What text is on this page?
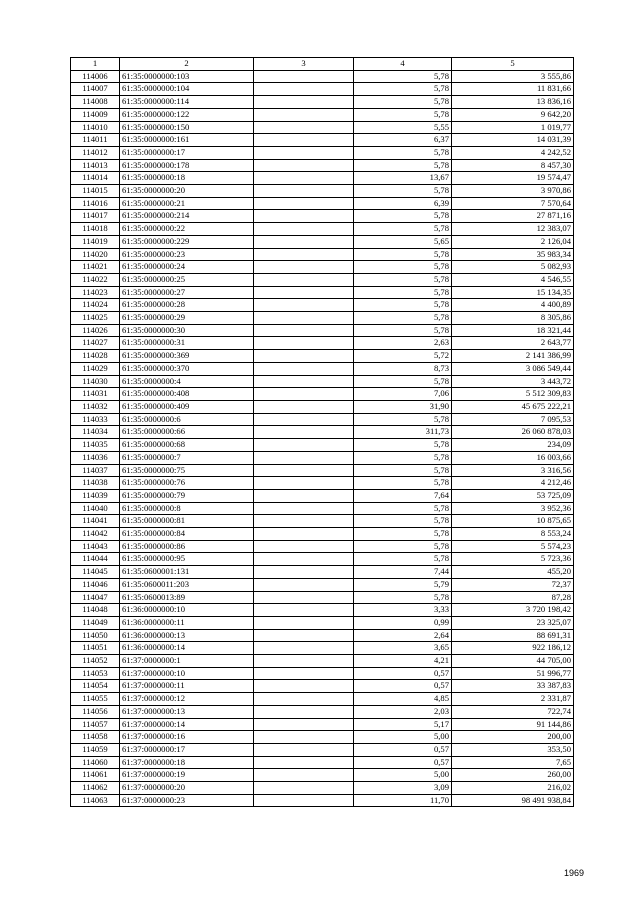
1	2	3	4	5
114006	61:35:0000000:103		5,78	3 555,86
114007	61:35:0000000:104		5,78	11 831,66
114008	61:35:0000000:114		5,78	13 836,16
114009	61:35:0000000:122		5,78	9 642,20
114010	61:35:0000000:150		5,55	1 019,77
114011	61:35:0000000:161		6,37	14 031,39
114012	61:35:0000000:17		5,78	4 242,52
114013	61:35:0000000:178		5,78	8 457,30
114014	61:35:0000000:18		13,67	19 574,47
114015	61:35:0000000:20		5,78	3 970,86
114016	61:35:0000000:21		6,39	7 570,64
114017	61:35:0000000:214		5,78	27 871,16
114018	61:35:0000000:22		5,78	12 383,07
114019	61:35:0000000:229		5,65	2 126,04
114020	61:35:0000000:23		5,78	35 983,34
114021	61:35:0000000:24		5,78	5 082,93
114022	61:35:0000000:25		5,78	4 546,55
114023	61:35:0000000:27		5,78	15 134,35
114024	61:35:0000000:28		5,78	4 400,89
114025	61:35:0000000:29		5,78	8 305,86
114026	61:35:0000000:30		5,78	18 321,44
114027	61:35:0000000:31		2,63	2 643,77
114028	61:35:0000000:369		5,72	2 141 386,99
114029	61:35:0000000:370		8,73	3 086 549,44
114030	61:35:0000000:4		5,78	3 443,72
114031	61:35:0000000:408		7,06	5 512 309,83
114032	61:35:0000000:409		31,90	45 675 222,21
114033	61:35:0000000:6		5,78	7 095,53
114034	61:35:0000000:66		311,73	26 060 878,03
114035	61:35:0000000:68		5,78	234,09
114036	61:35:0000000:7		5,78	16 003,66
114037	61:35:0000000:75		5,78	3 316,56
114038	61:35:0000000:76		5,78	4 212,46
114039	61:35:0000000:79		7,64	53 725,09
114040	61:35:0000000:8		5,78	3 952,36
114041	61:35:0000000:81		5,78	10 875,65
114042	61:35:0000000:84		5,78	8 553,24
114043	61:35:0000000:86		5,78	5 574,23
114044	61:35:0000000:95		5,78	5 723,36
114045	61:35:0600001:131		7,44	455,20
114046	61:35:0600011:203		5,79	72,37
114047	61:35:0600013:89		5,78	87,28
114048	61:36:0000000:10		3,33	3 720 198,42
114049	61:36:0000000:11		0,99	23 325,07
114050	61:36:0000000:13		2,64	88 691,31
114051	61:36:0000000:14		3,65	922 186,12
114052	61:37:0000000:1		4,21	44 705,00
114053	61:37:0000000:10		0,57	51 996,77
114054	61:37:0000000:11		0,57	33 387,83
114055	61:37:0000000:12		4,85	2 331,87
114056	61:37:0000000:13		2,03	722,74
114057	61:37:0000000:14		5,17	91 144,86
114058	61:37:0000000:16		5,00	200,00
114059	61:37:0000000:17		0,57	353,50
114060	61:37:0000000:18		0,57	7,65
114061	61:37:0000000:19		5,00	260,00
114062	61:37:0000000:20		3,09	216,02
114063	61:37:0000000:23		11,70	98 491 938,84
1969
